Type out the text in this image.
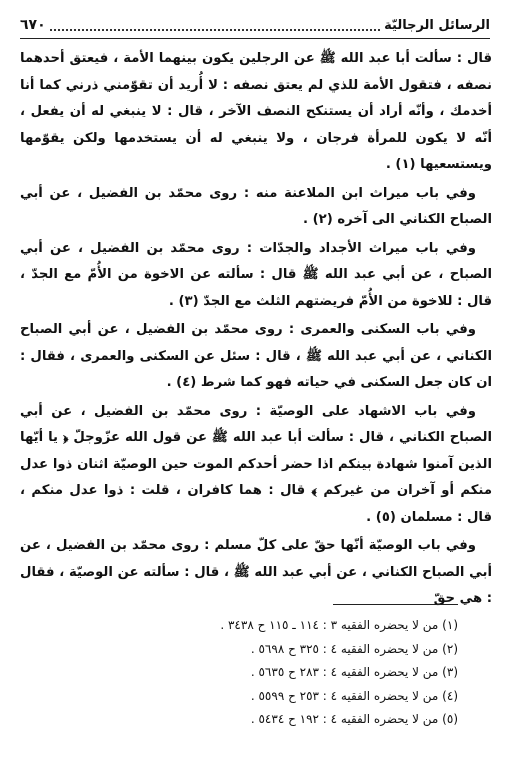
الرسائل الرجاليّة
٦٧٠

قال : سألت أبا عبد الله ﷺ عن الرجلين يكون بينهما الأمة ، فيعتق أحدهما نصفه ، فتقول الأمة للذي لم يعتق نصفه : لا أُريد أن تقوّمني ذرني كما أنا أخدمك ، وأنّه أراد أن يستنكح النصف الآخر ، قال : لا ينبغي له أن يفعل ، أنّه لا يكون للمرأة فرجان ، ولا ينبغي له أن يستخدمها ولكن يقوّمها ويستسعيها (١) .

وفي باب ميراث ابن الملاعنة منه : روى محمّد بن الفضيل ، عن أبي الصباح الكناني الى آخره (٢) .

وفي باب ميراث الأجداد والجدّات : روى محمّد بن الفضيل ، عن أبي الصباح ، عن أبي عبد الله ﷺ قال : سألته عن الاخوة من الأُمّ مع الجدّ ، قال : للاخوة من الأُمّ فريضتهم الثلث مع الجدّ (٣) .

وفي باب السكنى والعمرى : روى محمّد بن الفضيل ، عن أبي الصباح الكناني ، عن أبي عبد الله ﷺ ، قال : سئل عن السكنى والعمرى ، فقال : ان كان جعل السكنى في حياته فهو كما شرط (٤) .

وفي باب الاشهاد على الوصيّة : روى محمّد بن الفضيل ، عن أبي الصباح الكناني ، قال : سألت أبا عبد الله ﷺ عن قول الله عزّوجلّ ﴿ يا أيّها الذين آمنوا شهادة بينكم اذا حضر أحدكم الموت حين الوصيّة اثنان ذوا عدل منكم أو آخران من غيركم ﴾ قال : هما كافران ، قلت : ذوا عدل منكم ، قال : مسلمان (٥) .

وفي باب الوصيّة أنّها حقّ على كلّ مسلم : روى محمّد بن الفضيل ، عن أبي الصباح الكناني ، عن أبي عبد الله ﷺ ، قال : سألته عن الوصيّة ، فقال : هي حقّ

(١) من لا يحضره الفقيه ٣ : ١١٤ ـ ١١٥ ح ٣٤٣٨ .
(٢) من لا يحضره الفقيه ٤ : ٣٢٥ ح ٥٦٩٨ .
(٣) من لا يحضره الفقيه ٤ : ٢٨٣ ح ٥٦٣٥ .
(٤) من لا يحضره الفقيه ٤ : ٢٥٣ ح ٥٥٩٩ .
(٥) من لا يحضره الفقيه ٤ : ١٩٢ ح ٥٤٣٤ .
